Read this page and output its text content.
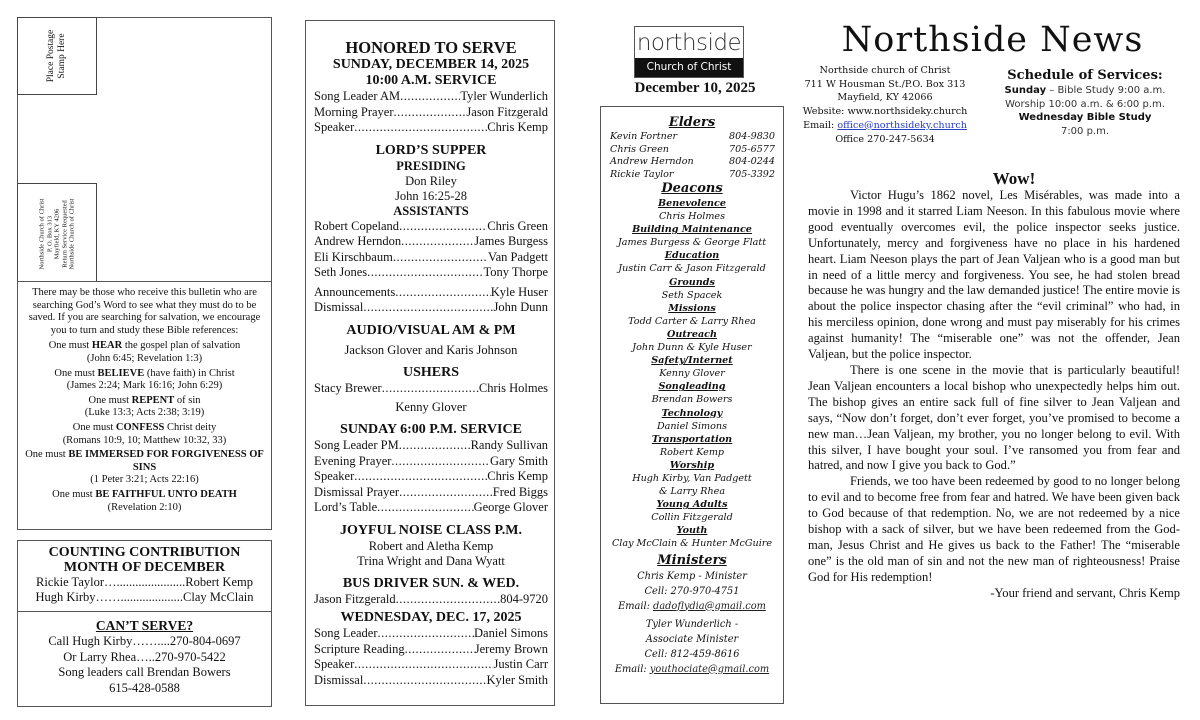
Place Postage Stamp Here
Northside Church of Christ P. O. Box 313 Mayfield, KY 4206 Return Service Requested Northside Church of Christ
There may be those who receive this bulletin who are searching God’s Word to see what they must do to be saved. If you are searching for salvation, we encourage you to turn and study these Bible references:
One must HEAR the gospel plan of salvation
(John 6:45; Revelation 1:3)
One must BELIEVE (have faith) in Christ
(James 2:24; Mark 16:16; John 6:29)
One must REPENT of sin
(Luke 13:3; Acts 2:38; 3:19)
One must CONFESS Christ deity
(Romans 10:9, 10; Matthew 10:32, 33)
One must BE IMMERSED FOR FORGIVENESS OF SINS
(1 Peter 3:21; Acts 22:16)
One must BE FAITHFUL UNTO DEATH
(Revelation 2:10)
COUNTING CONTRIBUTION
MONTH OF DECEMBER
Rickie Taylor …...................... Robert Kemp
Hugh Kirby …….................... Clay McClain
CAN’T SERVE?
Call Hugh Kirby……....270-804-0697
Or Larry Rhea…..270-970-5422
Song leaders call Brendan Bowers
615-428-0588
HONORED TO SERVE
SUNDAY, DECEMBER 14, 2025
10:00 A.M. SERVICE
Song Leader AM .....	Tyler Wunderlich
Morning Prayer .....	Jason Fitzgerald
Speaker .....	Chris Kemp
LORD’S SUPPER
PRESIDING
Don Riley
John 16:25-28
ASSISTANTS
Robert Copeland .....	Chris Green
Andrew Herndon .....	James Burgess
Eli Kirschbaum .....	Van Padgett
Seth Jones .....	Tony Thorpe
Announcements .....	Kyle Huser
Dismissal .....	John Dunn
AUDIO/VISUAL AM & PM
Jackson Glover and Karis Johnson
USHERS
Stacy Brewer .....	Chris Holmes
Kenny Glover
SUNDAY 6:00 P.M. SERVICE
Song Leader PM .....	Randy Sullivan
Evening Prayer .....	Gary Smith
Speaker .....	Chris Kemp
Dismissal Prayer .....	Fred Biggs
Lord’s Table .....	George Glover
JOYFUL NOISE CLASS P.M.
Robert and Aletha Kemp
Trina Wright and Dana Wyatt
BUS DRIVER SUN. & WED.
Jason Fitzgerald .....	804-9720
WEDNESDAY, DEC. 17, 2025
Song Leader .....	Daniel Simons
Scripture Reading .....	Jeremy Brown
Speaker .....	Justin Carr
Dismissal .....	Kyler Smith
northside
Church of Christ
December 10, 2025
Elders
Kevin Fortner	804-9830
Chris Green	705-6577
Andrew Herndon	804-0244
Rickie Taylor	705-3392
Deacons
Benevolence
Chris Holmes
Building Maintenance
James Burgess & George Flatt
Education
Justin Carr & Jason Fitzgerald
Grounds
Seth Spacek
Missions
Todd Carter & Larry Rhea
Outreach
John Dunn & Kyle Huser
Safety/Internet
Kenny Glover
Songleading
Brendan Bowers
Technology
Daniel Simons
Transportation
Robert Kemp
Worship
Hugh Kirby, Van Padgett
& Larry Rhea
Young Adults
Collin Fitzgerald
Youth
Clay McClain & Hunter McGuire
Ministers
Chris Kemp - Minister
Cell: 270-970-4751
Email: dadoflydia@gmail.com
Tyler Wunderlich -
Associate Minister
Cell: 812-459-8616
Email: youthociate@gmail.com
Northside News
Northside church of Christ
711 W Housman St./P.O. Box 313
Mayfield, KY 42066
Website: www.northsideky.church
Email: office@northsideky.church
Office 270-247-5634
Schedule of Services:
Sunday – Bible Study 9:00 a.m.
Worship 10:00 a.m. & 6:00 p.m.
Wednesday Bible Study
7:00 p.m.
Wow!

Victor Hugu’s 1862 novel, Les Misérables, was made into a movie in 1998 and it starred Liam Neeson. In this fabulous movie where good eventually overcomes evil, the police inspector seeks justice. Unfortunately, mercy and forgiveness have no place in his hardened heart. Liam Neeson plays the part of Jean Valjean who is a good man but in need of a little mercy and forgiveness. You see, he had stolen bread because he was hungry and the law demanded justice! The entire movie is about the police inspector chasing after the “evil criminal” who had, in his merciless opinion, done wrong and must pay miserably for his crimes against humanity! The “miserable one” was not the offender, Jean Valjean, but the police inspector.

There is one scene in the movie that is particularly beautiful! Jean Valjean encounters a local bishop who unexpectedly helps him out. The bishop gives an entire sack full of fine silver to Jean Valjean and says, “Now don’t forget, don’t ever forget, you’ve promised to become a new man…Jean Valjean, my brother, you no longer belong to evil. With this silver, I have bought your soul. I’ve ransomed you from fear and hatred, and now I give you back to God.”

Friends, we too have been redeemed by good to no longer belong to evil and to become free from fear and hatred. We have been given back to God because of that redemption. No, we are not redeemed by a nice bishop with a sack of silver, but we have been redeemed from the God-man, Jesus Christ and He gives us back to the Father! The “miserable one” is the old man of sin and not the new man of righteousness! Praise God for His redemption!

-Your friend and servant, Chris Kemp
